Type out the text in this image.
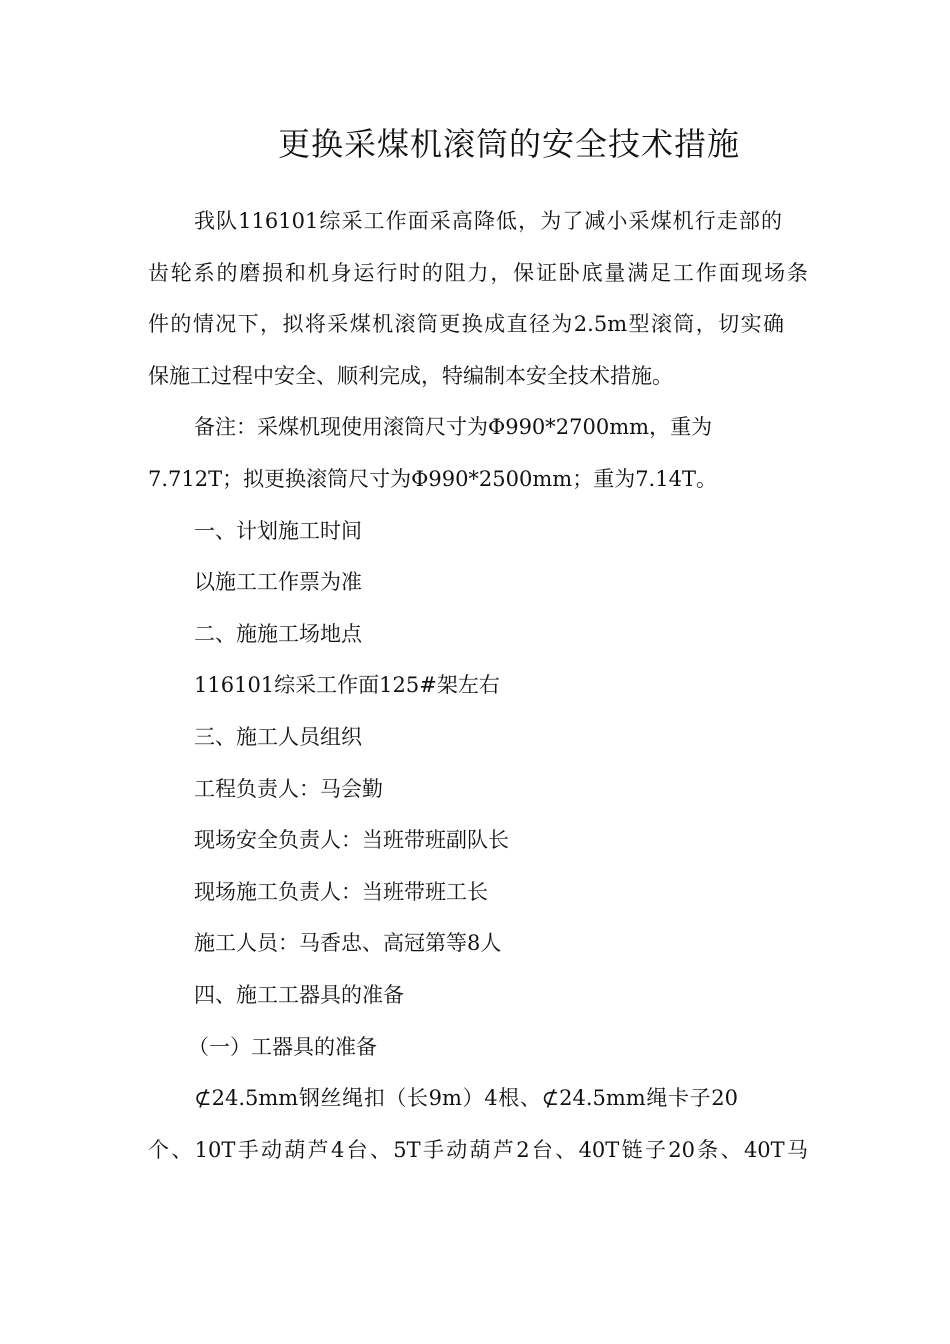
更换采煤机滚筒的安全技术措施
我队116101综采工作面采高降低，为了减小采煤机行走部的
齿轮系的磨损和机身运行时的阻力，保证卧底量满足工作面现场条
件的情况下，拟将采煤机滚筒更换成直径为2.5m型滚筒，切实确
保施工过程中安全、顺利完成，特编制本安全技术措施。
备注：采煤机现使用滚筒尺寸为Φ990*2700mm，重为
7.712T；拟更换滚筒尺寸为Φ990*2500mm；重为7.14T。
一、计划施工时间
以施工工作票为准
二、施施工场地点
116101综采工作面125#架左右
三、施工人员组织
工程负责人：马会勤
现场安全负责人：当班带班副队长
现场施工负责人：当班带班工长
施工人员：马香忠、高冠第等8人
四、施工工器具的准备
（一）工器具的准备
⊄24.5mm钢丝绳扣（长9m）4根、⊄24.5mm绳卡子20
个、10T手动葫芦4台、5T手动葫芦2台、40T链子20条、40T马
